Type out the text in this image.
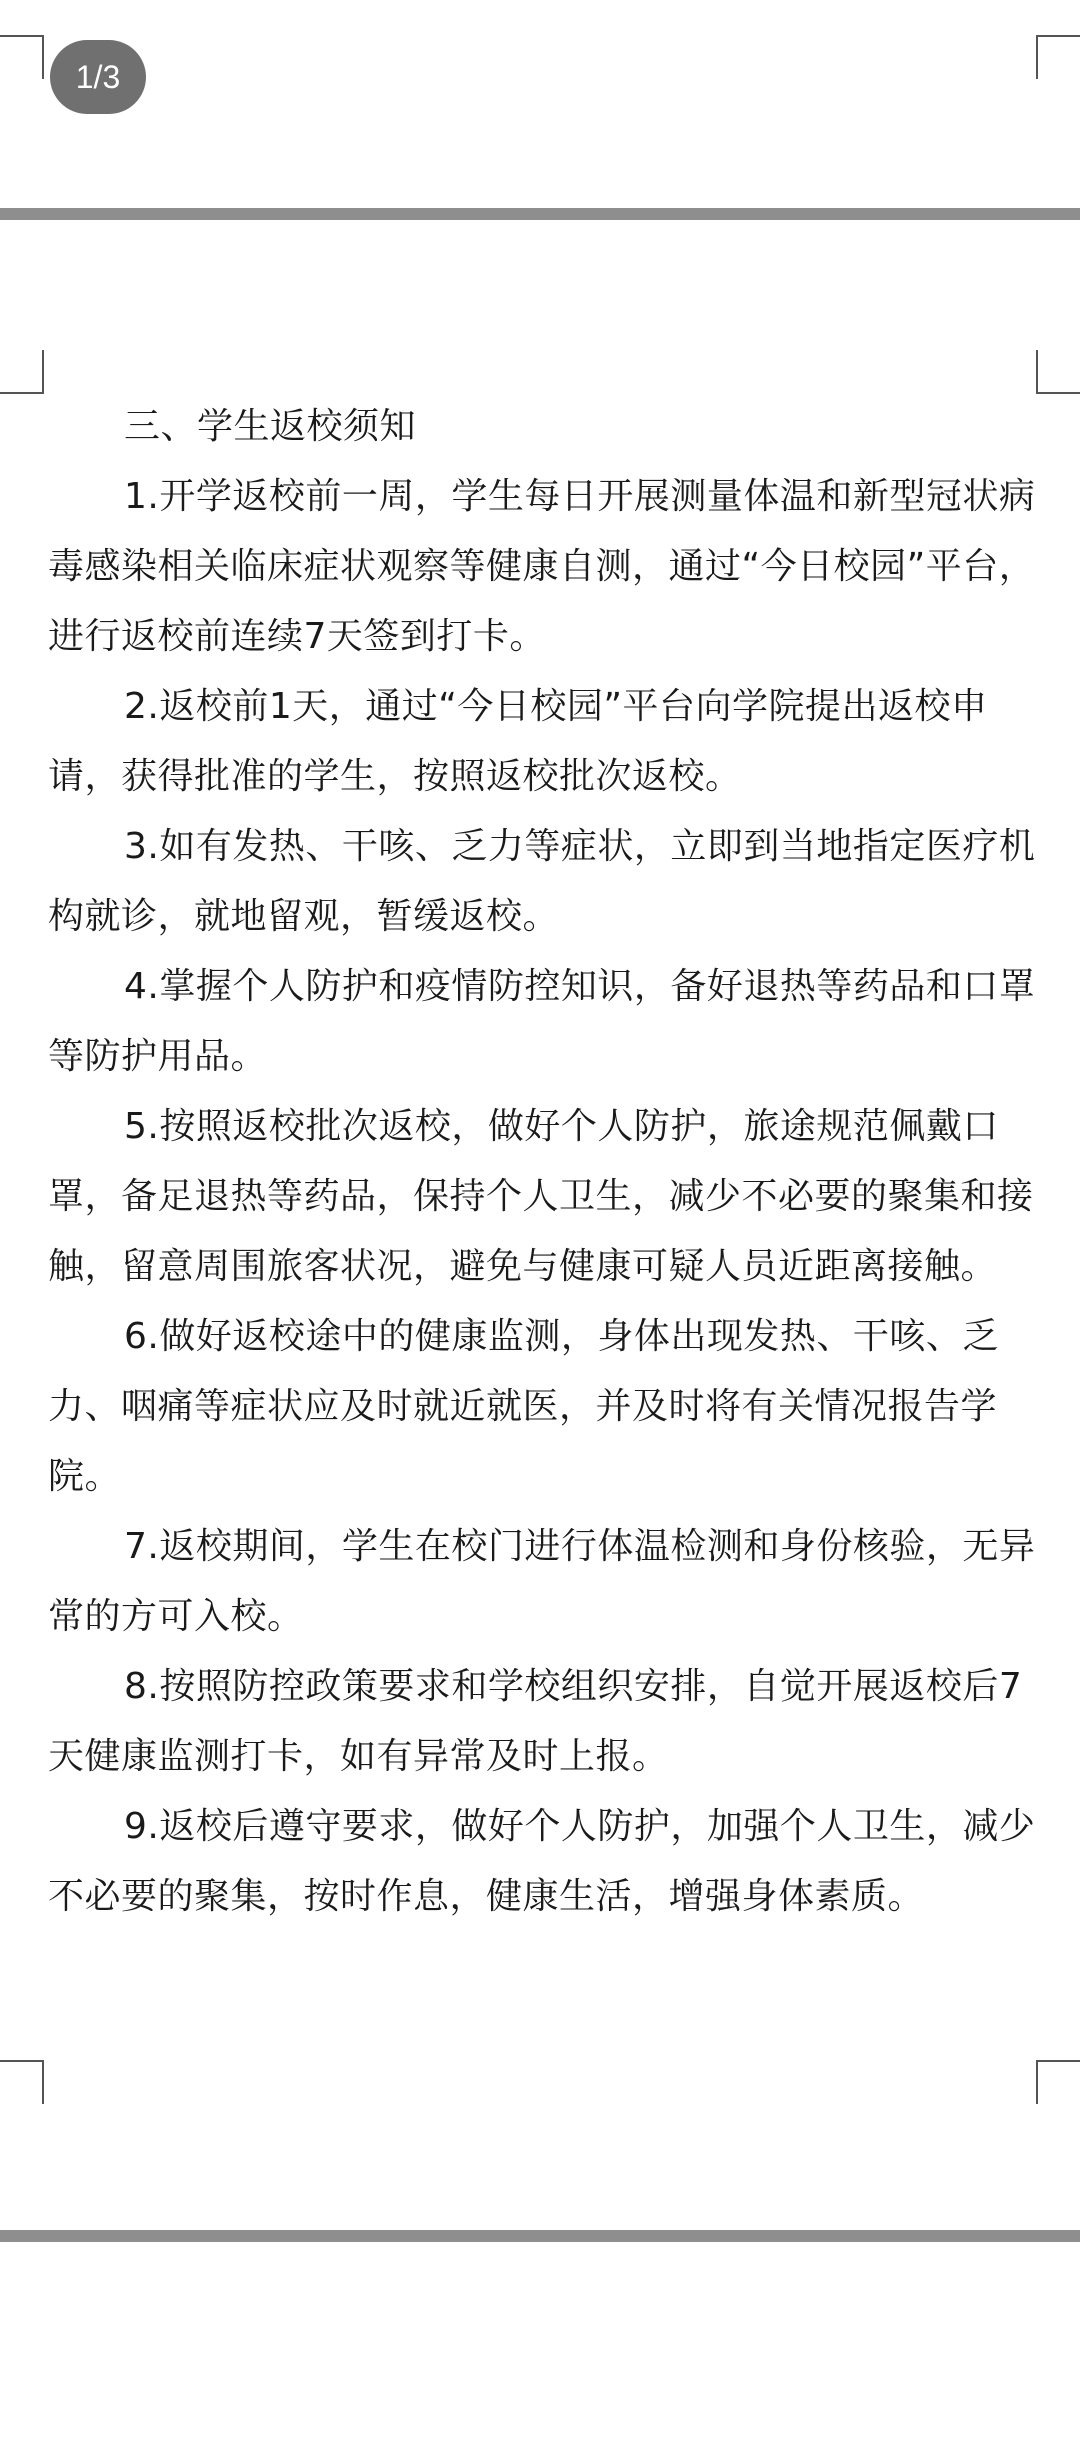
1/3

三、学生返校须知

1.开学返校前一周，学生每日开展测量体温和新型冠状病毒感染相关临床症状观察等健康自测，通过“今日校园”平台，进行返校前连续7天签到打卡。

2.返校前1天，通过“今日校园”平台向学院提出返校申请，获得批准的学生，按照返校批次返校。

3.如有发热、干咳、乏力等症状，立即到当地指定医疗机构就诊，就地留观，暂缓返校。

4.掌握个人防护和疫情防控知识，备好退热等药品和口罩等防护用品。

5.按照返校批次返校，做好个人防护，旅途规范佩戴口罩，备足退热等药品，保持个人卫生，减少不必要的聚集和接触，留意周围旅客状况，避免与健康可疑人员近距离接触。

6.做好返校途中的健康监测，身体出现发热、干咳、乏力、咽痛等症状应及时就近就医，并及时将有关情况报告学院。

7.返校期间，学生在校门进行体温检测和身份核验，无异常的方可入校。

8.按照防控政策要求和学校组织安排，自觉开展返校后7天健康监测打卡，如有异常及时上报。

9.返校后遵守要求，做好个人防护，加强个人卫生，减少不必要的聚集，按时作息，健康生活，增强身体素质。
